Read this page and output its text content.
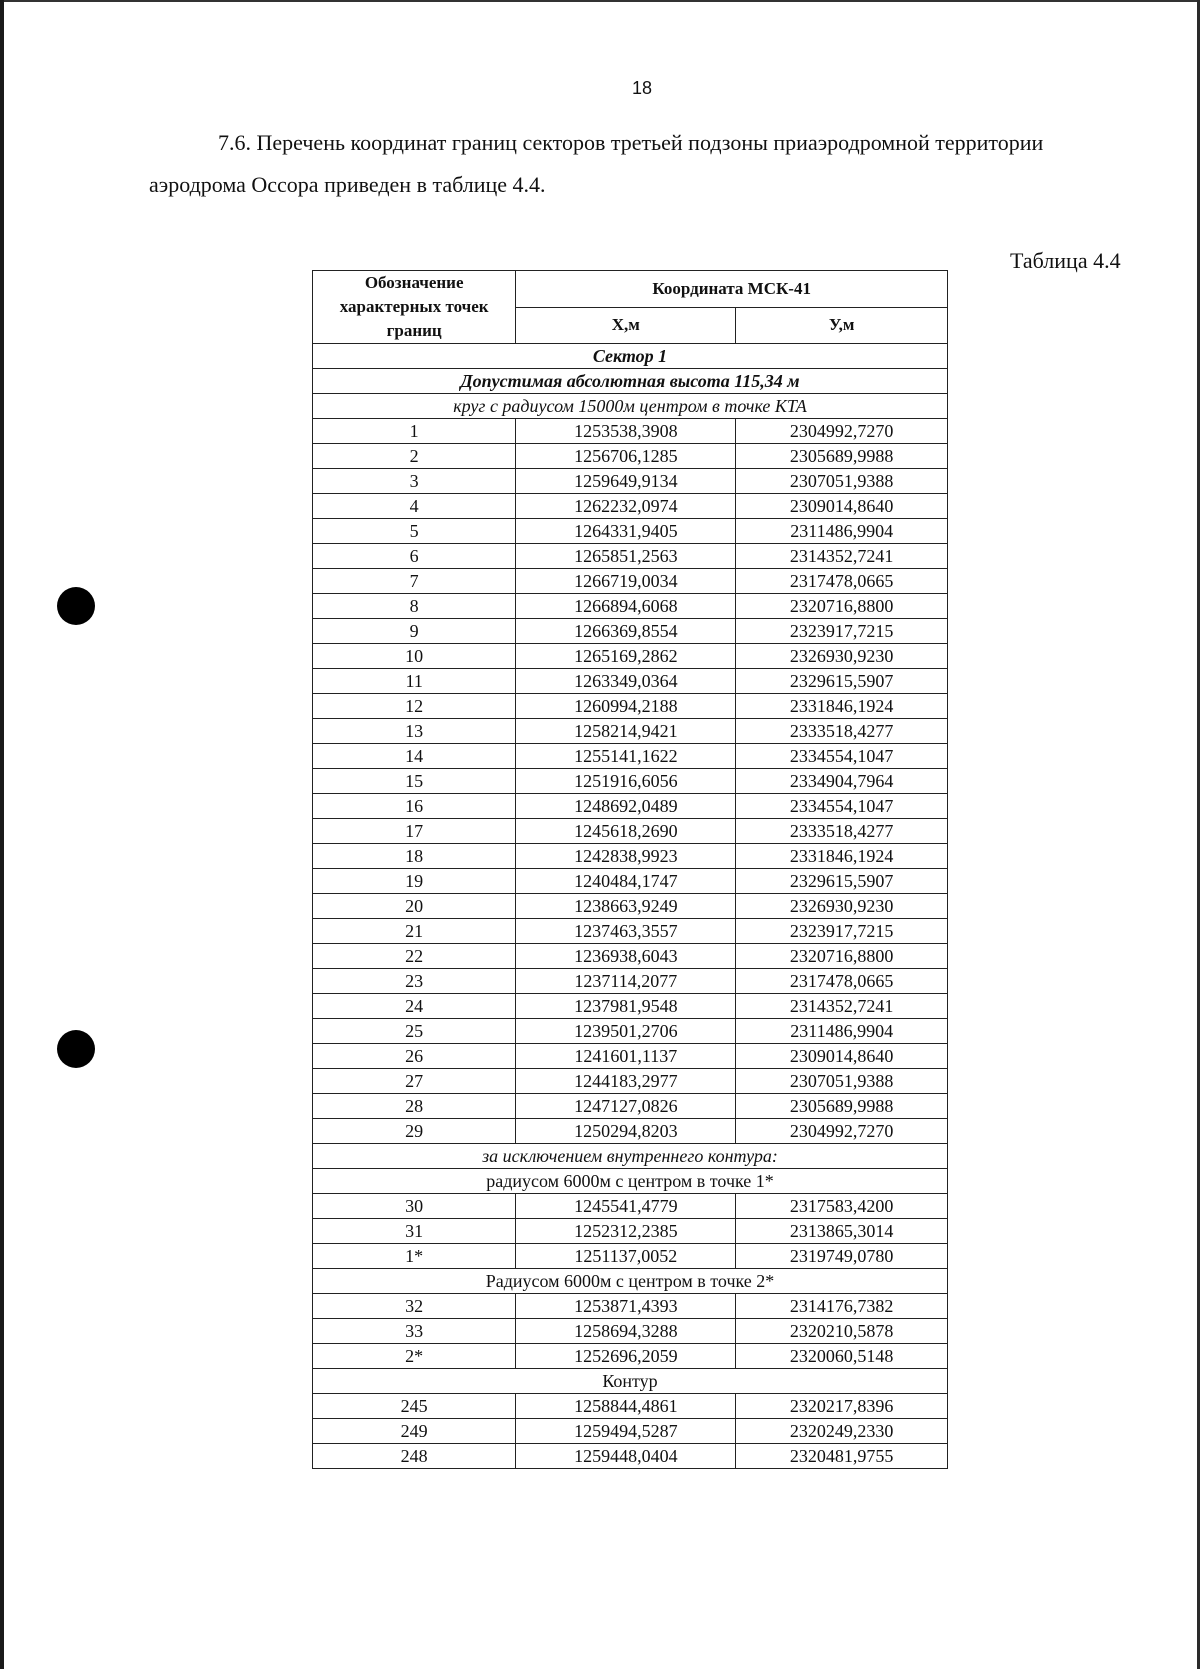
18
7.6. Перечень координат границ секторов третьей подзоны приаэродромной территории
аэродрома Оссора приведен в таблице 4.4.
Таблица 4.4
Обозначение характерных точек границ	Координата МСК-41	
	Х,м	У,м
Сектор 1		
Допустимая абсолютная высота 115,34 м		
круг с радиусом 15000м центром в точке КТА		
1	1253538,3908	2304992,7270
2	1256706,1285	2305689,9988
3	1259649,9134	2307051,9388
4	1262232,0974	2309014,8640
5	1264331,9405	2311486,9904
6	1265851,2563	2314352,7241
7	1266719,0034	2317478,0665
8	1266894,6068	2320716,8800
9	1266369,8554	2323917,7215
10	1265169,2862	2326930,9230
11	1263349,0364	2329615,5907
12	1260994,2188	2331846,1924
13	1258214,9421	2333518,4277
14	1255141,1622	2334554,1047
15	1251916,6056	2334904,7964
16	1248692,0489	2334554,1047
17	1245618,2690	2333518,4277
18	1242838,9923	2331846,1924
19	1240484,1747	2329615,5907
20	1238663,9249	2326930,9230
21	1237463,3557	2323917,7215
22	1236938,6043	2320716,8800
23	1237114,2077	2317478,0665
24	1237981,9548	2314352,7241
25	1239501,2706	2311486,9904
26	1241601,1137	2309014,8640
27	1244183,2977	2307051,9388
28	1247127,0826	2305689,9988
29	1250294,8203	2304992,7270
за исключением внутреннего контура:		
радиусом 6000м с центром в точке 1*		
30	1245541,4779	2317583,4200
31	1252312,2385	2313865,3014
1*	1251137,0052	2319749,0780
Радиусом 6000м с центром в точке 2*		
32	1253871,4393	2314176,7382
33	1258694,3288	2320210,5878
2*	1252696,2059	2320060,5148
Контур		
245	1258844,4861	2320217,8396
249	1259494,5287	2320249,2330
248	1259448,0404	2320481,9755
